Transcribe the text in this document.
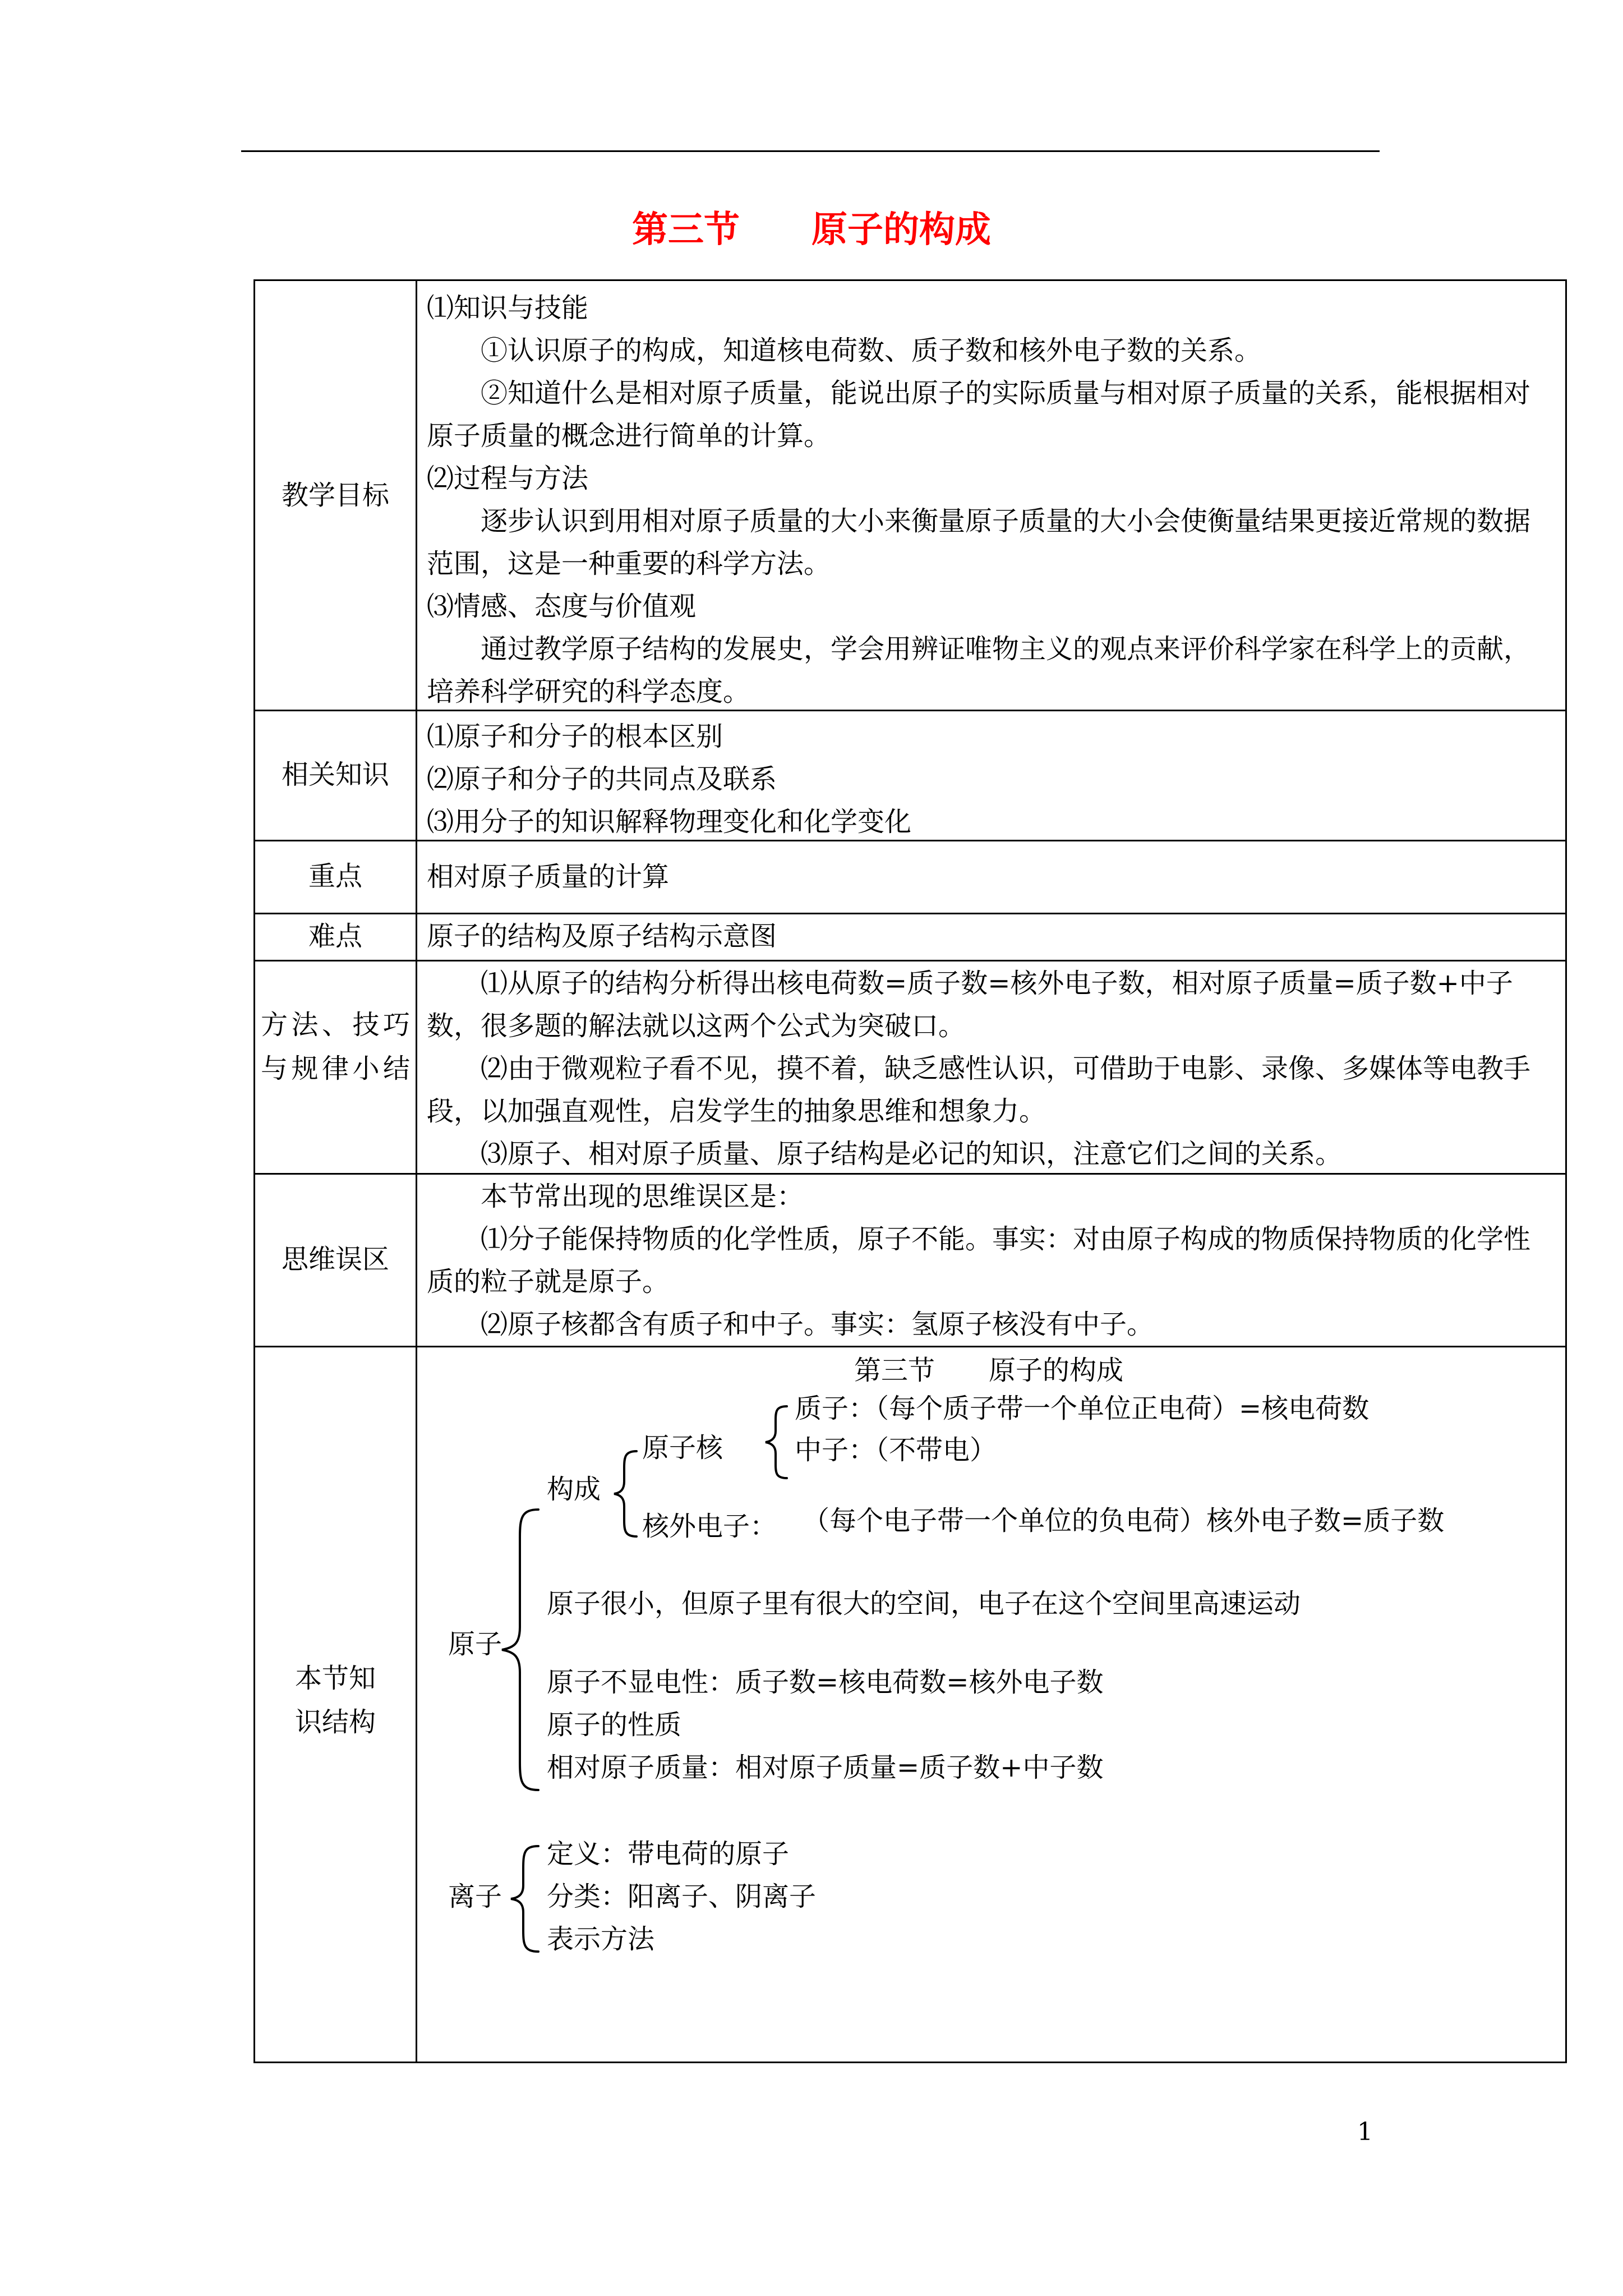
第三节　　原子的构成
教学目标

⑴知识与技能

①认识原子的构成，知道核电荷数、质子数和核外电子数的关系。

②知道什么是相对原子质量，能说出原子的实际质量与相对原子质量的关系，能根据相对原子质量的概念进行简单的计算。

⑵过程与方法

逐步认识到用相对原子质量的大小来衡量原子质量的大小会使衡量结果更接近常规的数据范围，这是一种重要的科学方法。

⑶情感、态度与价值观

通过教学原子结构的发展史，学会用辨证唯物主义的观点来评价科学家在科学上的贡献，培养科学研究的科学态度。

相关知识

⑴原子和分子的根本区别

⑵原子和分子的共同点及联系

⑶用分子的知识解释物理变化和化学变化

重点 相对原子质量的计算

难点 原子的结构及原子结构示意图

方法、技巧与规律小结

⑴从原子的结构分析得出核电荷数=质子数=核外电子数，相对原子质量=质子数+中子数，很多题的解法就以这两个公式为突破口。

⑵由于微观粒子看不见，摸不着，缺乏感性认识，可借助于电影、录像、多媒体等电教手段，以加强直观性，启发学生的抽象思维和想象力。

⑶原子、相对原子质量、原子结构是必记的知识，注意它们之间的关系。

思维误区

本节常出现的思维误区是：

⑴分子能保持物质的化学性质，原子不能。事实：对由原子构成的物质保持物质的化学性质的粒子就是原子。

⑵原子核都含有质子和中子。事实：氢原子核没有中子。

本节知识结构
第三节　　原子的构成
原子
构成
原子核
质子：（每个质子带一个单位正电荷）=核电荷数
中子：（不带电）
核外电子： （每个电子带一个单位的负电荷）核外电子数=质子数
原子很小，但原子里有很大的空间，电子在这个空间里高速运动
原子不显电性：质子数=核电荷数=核外电子数
原子的性质
相对原子质量：相对原子质量=质子数+中子数
离子
定义：带电荷的原子
分类：阳离子、阴离子
表示方法
1
